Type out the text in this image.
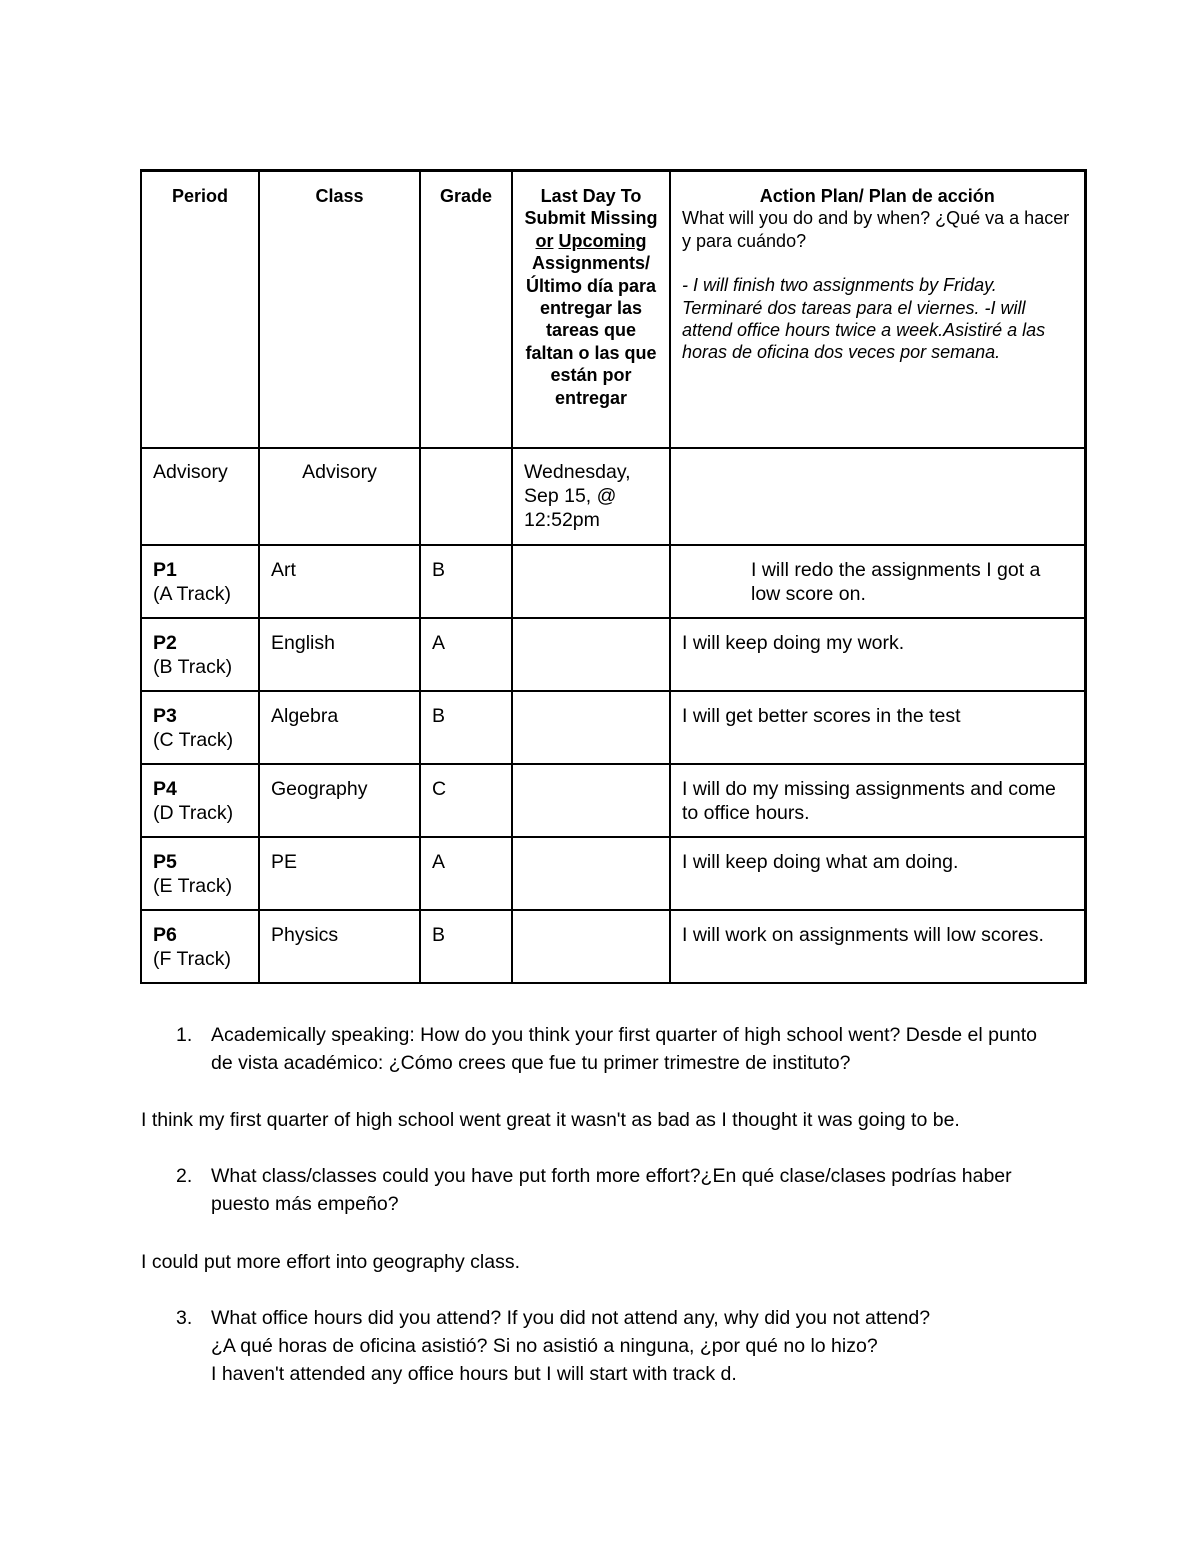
Period	Class	Grade	Last Day To Submit Missing or Upcoming Assignments/ Último día para entregar las tareas que faltan o las que están por entregar	Action Plan/ Plan de acción
What will you do and by when? ¿Qué va a hacer y para cuándo?
- I will finish two assignments by Friday. Terminaré dos tareas para el viernes. -I will attend office hours twice a week.Asistiré a las horas de oficina dos veces por semana.

Advisory	Advisory		Wednesday, Sep 15, @ 12:52pm	

P1
(A Track)	Art	B		I will redo the assignments I got a low score on.

P2
(B Track)	English	A		I will keep doing my work.

P3
(C Track)	Algebra	B		I will get better scores in the test

P4
(D Track)	Geography	C		I will do my missing assignments and come to office hours.

P5
(E Track)	PE	A		I will keep doing what am doing.

P6
(F Track)	Physics	B		I will work on assignments will low scores.
1. Academically speaking: How do you think your first quarter of high school went? Desde el punto de vista académico: ¿Cómo crees que fue tu primer trimestre de instituto?
I think my first quarter of high school went great it wasn't as bad as I thought it was going to be.
2. What class/classes could you have put forth more effort?¿En qué clase/clases podrías haber puesto más empeño?
I could put more effort into geography class.
3. What office hours did you attend? If you did not attend any, why did you not attend?
¿A qué horas de oficina asistió? Si no asistió a ninguna, ¿por qué no lo hizo?
I haven't attended any office hours but I will start with track d.
